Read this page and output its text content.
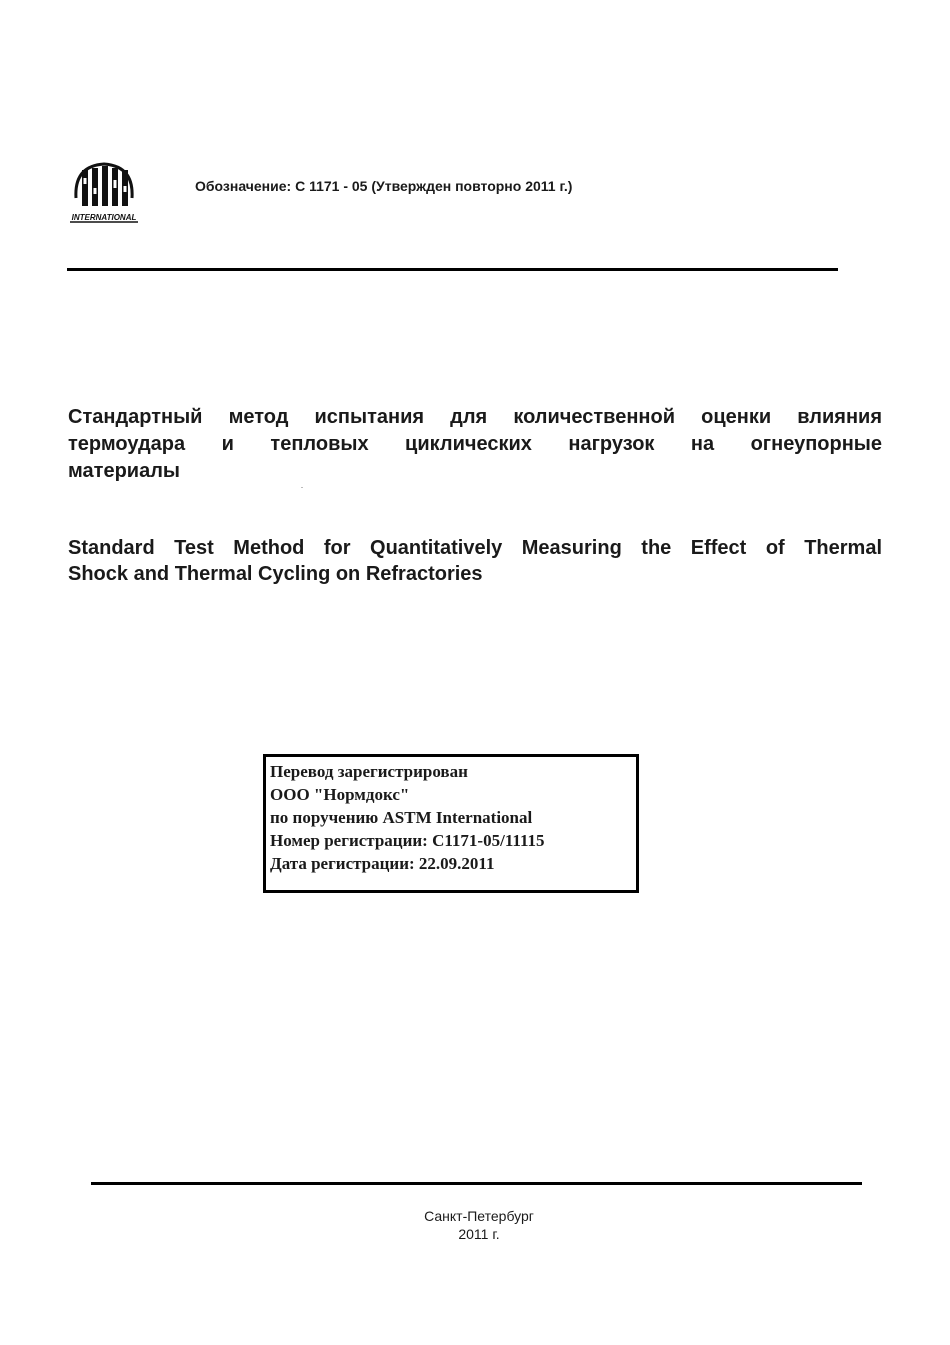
INTERNATIONAL
Обозначение: C 1171 - 05 (Утвержден повторно 2011 г.)
Стандартный метод испытания для количественной оценки влияния
термоудара и тепловых циклических нагрузок на огнеупорные
материалы
Standard Test Method for Quantitatively Measuring the Effect of Thermal
Shock and Thermal Cycling on Refractories
Перевод зарегистрирован
ООО "Нормдокс"
по поручению ASTM International
Номер регистрации: C1171-05/11115
Дата регистрации: 22.09.2011
Санкт-Петербург
2011 г.
